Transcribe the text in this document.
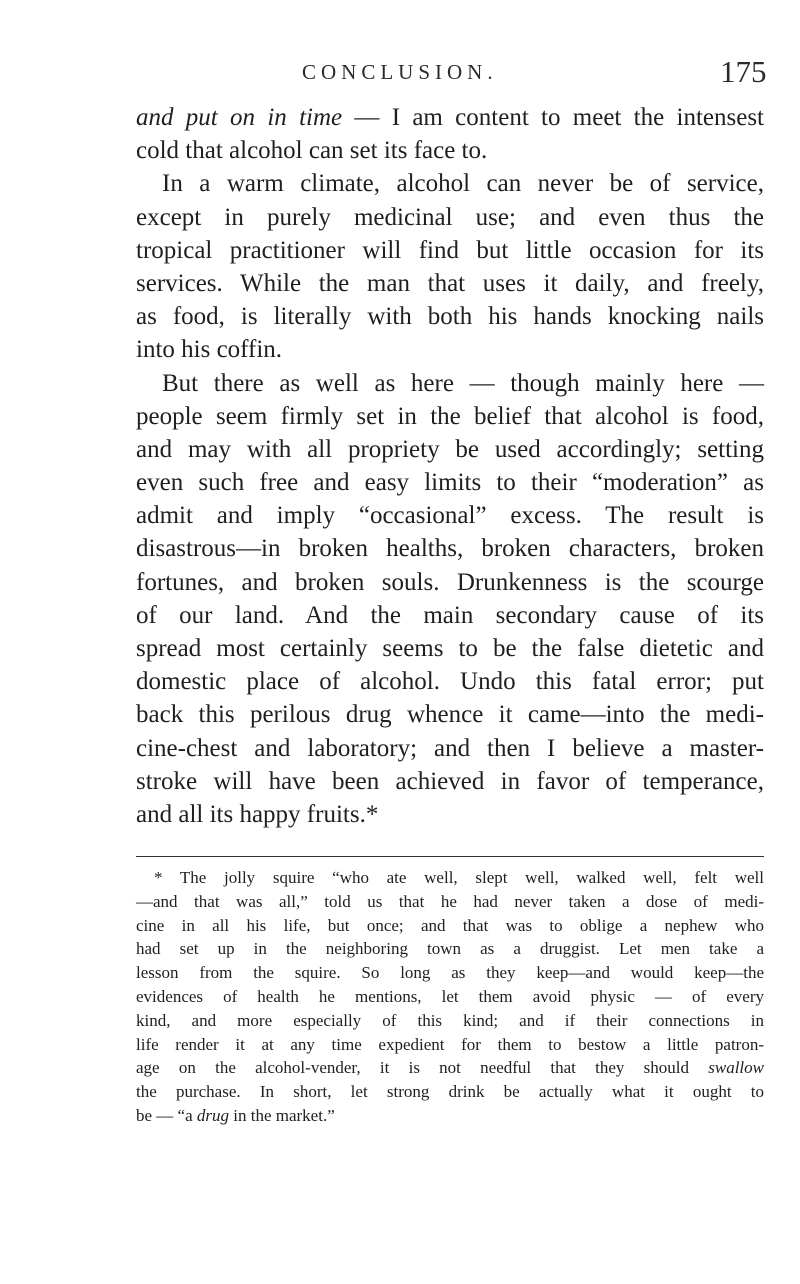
CONCLUSION.	175
and put on in time — I am content to meet the intensest
cold that alcohol can set its face to.
In a warm climate, alcohol can never be of service,
except in purely medicinal use; and even thus the
tropical practitioner will find but little occasion for its
services. While the man that uses it daily, and freely,
as food, is literally with both his hands knocking nails
into his coffin.
But there as well as here — though mainly here —
people seem firmly set in the belief that alcohol is food,
and may with all propriety be used accordingly; setting
even such free and easy limits to their “moderation” as
admit and imply “occasional” excess. The result is
disastrous—in broken healths, broken characters, broken
fortunes, and broken souls. Drunkenness is the scourge
of our land. And the main secondary cause of its
spread most certainly seems to be the false dietetic and
domestic place of alcohol. Undo this fatal error; put
back this perilous drug whence it came—into the medi-
cine-chest and laboratory; and then I believe a master-
stroke will have been achieved in favor of temperance,
and all its happy fruits.*
* The jolly squire “who ate well, slept well, walked well, felt well
—and that was all,” told us that he had never taken a dose of medi-
cine in all his life, but once; and that was to oblige a nephew who
had set up in the neighboring town as a druggist. Let men take a
lesson from the squire. So long as they keep—and would keep—the
evidences of health he mentions, let them avoid physic — of every
kind, and more especially of this kind; and if their connections in
life render it at any time expedient for them to bestow a little patron-
age on the alcohol-vender, it is not needful that they should swallow
the purchase. In short, let strong drink be actually what it ought to
be — “a drug in the market.”
